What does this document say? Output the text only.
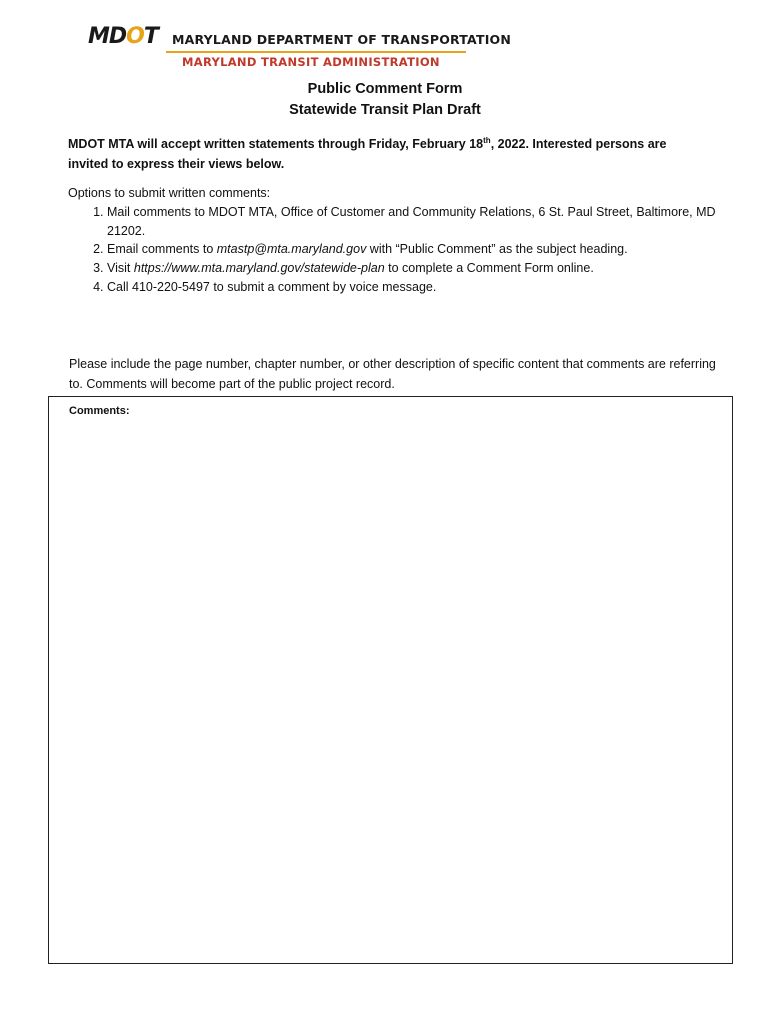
MDOT MARYLAND DEPARTMENT OF TRANSPORTATION
MARYLAND TRANSIT ADMINISTRATION
Public Comment Form
Statewide Transit Plan Draft
MDOT MTA will accept written statements through Friday, February 18th, 2022. Interested persons are invited to express their views below.
Options to submit written comments:
1. Mail comments to MDOT MTA, Office of Customer and Community Relations, 6 St. Paul Street, Baltimore, MD 21202.
2. Email comments to mtastp@mta.maryland.gov with “Public Comment” as the subject heading.
3. Visit https://www.mta.maryland.gov/statewide-plan to complete a Comment Form online.
4. Call 410-220-5497 to submit a comment by voice message.
Please include the page number, chapter number, or other description of specific content that comments are referring to. Comments will become part of the public project record.
Comments:
